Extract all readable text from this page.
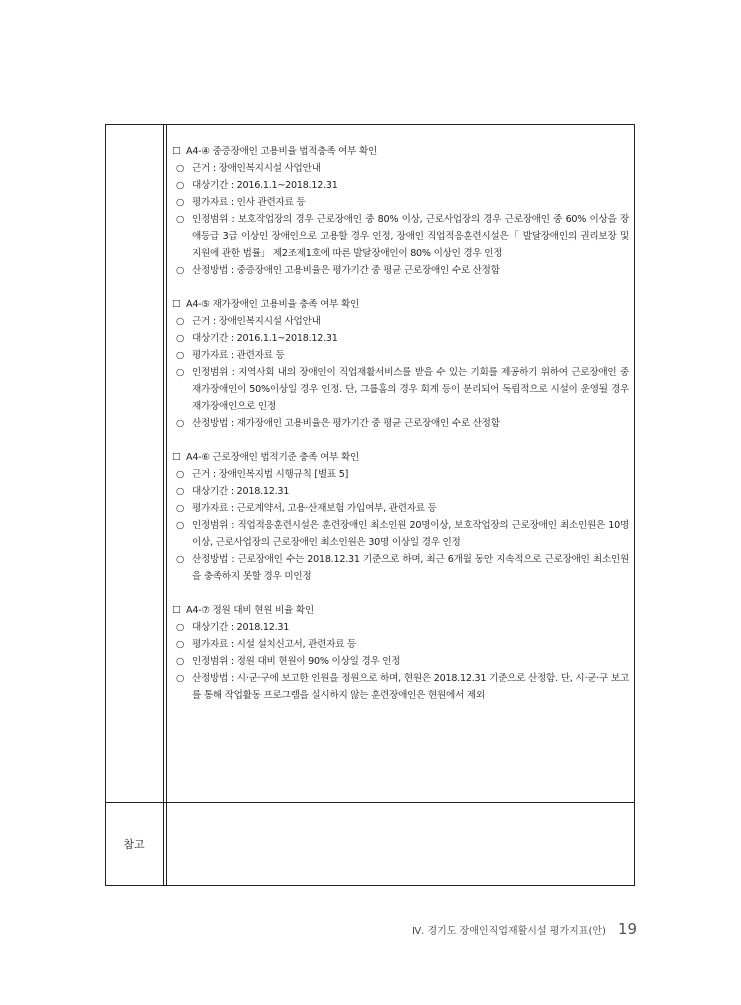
☐ A4-④ 중증장애인 고용비율 법적충족 여부 확인
○ 근거 : 장애인복지시설 사업안내
○ 대상기간 : 2016.1.1~2018.12.31
○ 평가자료 : 인사 관련자료 등
○ 인정범위 : 보호작업장의 경우 근로장애인 중 80% 이상, 근로사업장의 경우 근로장애인 중 60% 이상을 장애등급 3급 이상인 장애인으로 고용할 경우 인정, 장애인 직업적응훈련시설은「 발달장애인의 권리보장 및 지원에 관한 법률」 제2조제1호에 따른 발달장애인이 80% 이상인 경우 인정
○ 산정방법 : 중증장애인 고용비율은 평가기간 중 평균 근로장애인 수로 산정함
☐ A4-⑤ 재가장애인 고용비율 충족 여부 확인
○ 근거 : 장애인복지시설 사업안내
○ 대상기간 : 2016.1.1~2018.12.31
○ 평가자료 : 관련자료 등
○ 인정범위 : 지역사회 내의 장애인이 직업재활서비스를 받을 수 있는 기회를 제공하기 위하여 근로장애인 중 재가장애인이 50%이상일 경우 인정. 단, 그룹홈의 경우 회계 등이 분리되어 독립적으로 시설이 운영될 경우 재가장애인으로 인정
○ 산정방법 : 재가장애인 고용비율은 평가기간 중 평균 근로장애인 수로 산정함
☐ A4-⑥ 근로장애인 법적기준 충족 여부 확인
○ 근거 : 장애인복지법 시행규칙 [별표 5]
○ 대상기간 : 2018.12.31
○ 평가자료 : 근로계약서, 고용·산재보험 가입여부, 관련자료 등
○ 인정범위 : 직업적응훈련시설은 훈련장애인 최소인원 20명이상, 보호작업장의 근로장애인 최소인원은 10명 이상, 근로사업장의 근로장애인 최소인원은 30명 이상일 경우 인정
○ 산정방법 : 근로장애인 수는 2018.12.31 기준으로 하며, 최근 6개월 동안 지속적으로 근로장애인 최소인원을 충족하지 못할 경우 미인정
☐ A4-⑦ 정원 대비 현원 비율 확인
○ 대상기간 : 2018.12.31
○ 평가자료 : 시설 설치신고서, 관련자료 등
○ 인정범위 : 정원 대비 현원이 90% 이상일 경우 인정
○ 산정방법 : 시·군·구에 보고한 인원을 정원으로 하며, 현원은 2018.12.31 기준으로 산정함. 단, 시·군·구 보고를 통해 작업활동 프로그램을 실시하지 않는 훈련장애인은 현원에서 제외
참고
Ⅳ. 경기도 장애인직업재활시설 평가지표(안) 19
